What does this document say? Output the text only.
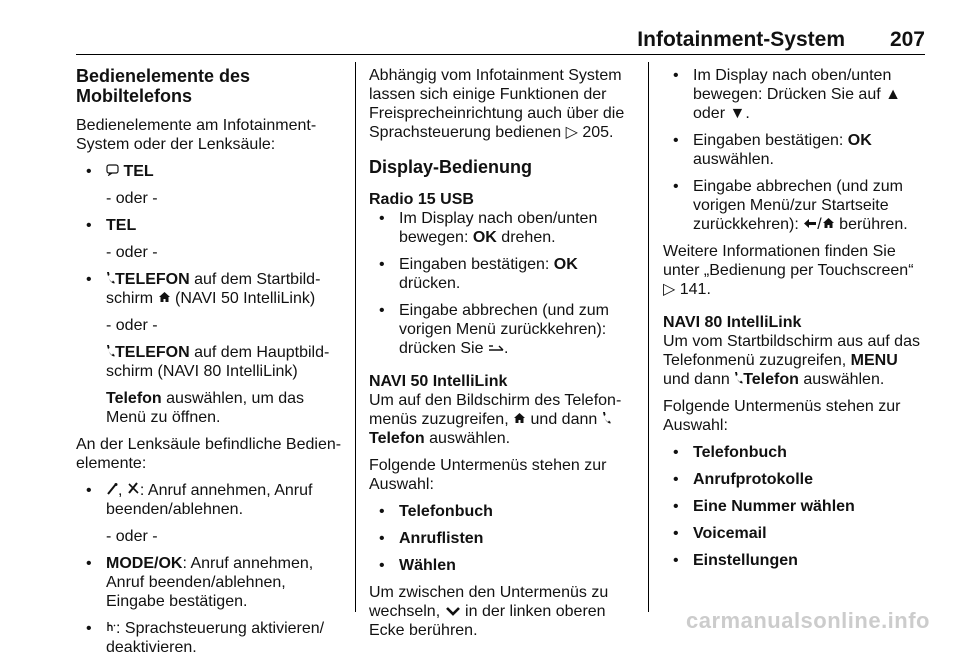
Infotainment-System 207
Bedienelemente des Mobiltelefons

Bedienelemente am Infotainment-System oder der Lenksäule:

• TEL

- oder -

• TEL

- oder -

• TELEFON auf dem Startbildschirm  (NAVI 50 IntelliLink)

- oder -

TELEFON auf dem Hauptbildschirm (NAVI 80 IntelliLink)

Telefon auswählen, um das Menü zu öffnen.

An der Lenksäule befindliche Bedienelemente:

• , : Anruf annehmen, Anruf beenden/ablehnen.

- oder -

• MODE/OK: Anruf annehmen, Anruf beenden/ablehnen, Eingabe bestätigen.
• : Sprachsteuerung aktivieren/ deaktivieren.

Abhängig vom Infotainment System lassen sich einige Funktionen der Freisprecheinrichtung auch über die Sprachsteuerung bedienen ▷ 205.

Display-Bedienung
Radio 15 USB
• Im Display nach oben/unten bewegen: OK drehen.
• Eingaben bestätigen: OK drücken.
• Eingabe abbrechen (und zum vorigen Menü zurückkehren): drücken Sie .
NAVI 50 IntelliLink

Um auf den Bildschirm des Telefonmenüs zuzugreifen,  und dann Telefon auswählen.

Folgende Untermenüs stehen zur Auswahl:

• Telefonbuch
• Anruflisten
• Wählen

Um zwischen den Untermenüs zu wechseln,  in der linken oberen Ecke berühren.

• Im Display nach oben/unten bewegen: Drücken Sie auf ▲ oder ▼.
• Eingaben bestätigen: OK auswählen.
• Eingabe abbrechen (und zum vorigen Menü/zur Startseite zurückkehren): / berühren.

Weitere Informationen finden Sie unter „Bedienung per Touchscreen“ ▷ 141.

NAVI 80 IntelliLink

Um vom Startbildschirm aus auf das Telefonmenü zuzugreifen, MENU und dann Telefon auswählen.

Folgende Untermenüs stehen zur Auswahl:

• Telefonbuch
• Anrufprotokolle
• Eine Nummer wählen
• Voicemail
• Einstellungen
carmanualsonline.info
